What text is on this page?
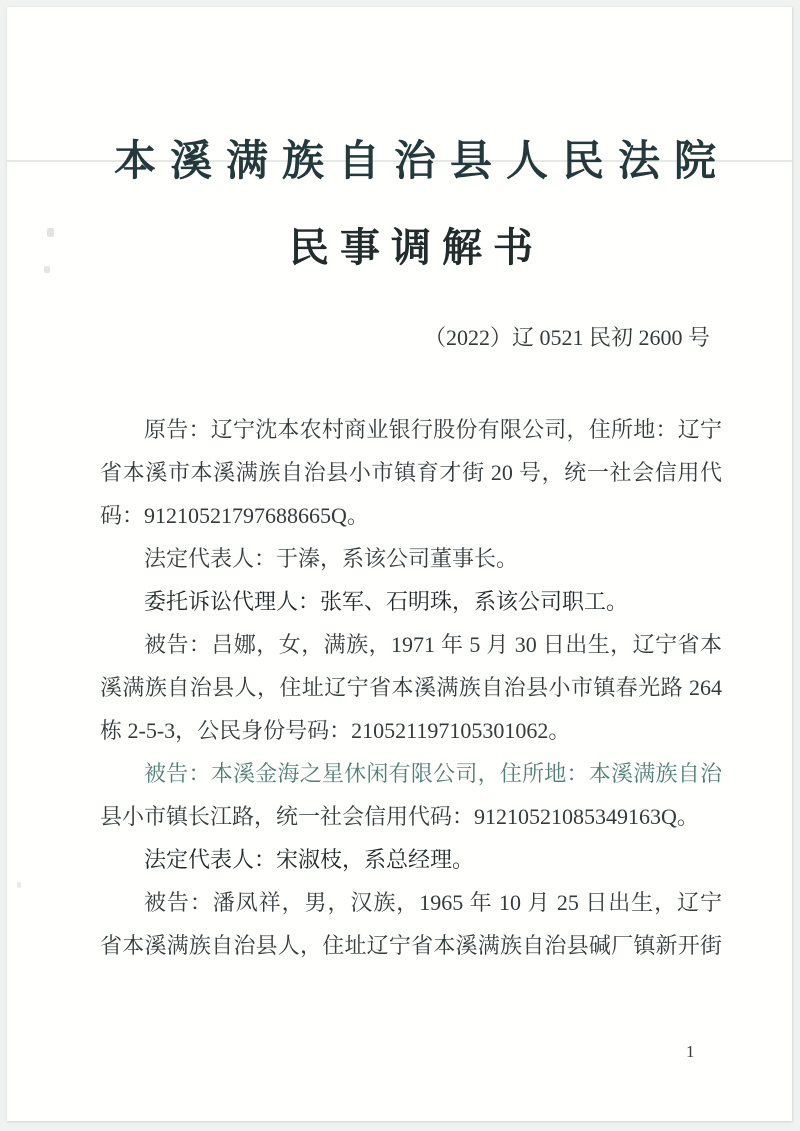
本溪满族自治县人民法院
民事调解书
（2022）辽 0521 民初 2600 号

原告：辽宁沈本农村商业银行股份有限公司，住所地：辽宁

省本溪市本溪满族自治县小市镇育才街 20 号，统一社会信用代

码：91210521797688665Q。

法定代表人：于溱，系该公司董事长。

委托诉讼代理人：张军、石明珠，系该公司职工。

被告：吕娜，女，满族，1971 年 5 月 30 日出生，辽宁省本

溪满族自治县人，住址辽宁省本溪满族自治县小市镇春光路 264

栋 2-5-3，公民身份号码：210521197105301062。

被告：本溪金海之星休闲有限公司，住所地：本溪满族自治

县小市镇长江路，统一社会信用代码：91210521085349163Q。

法定代表人：宋淑枝，系总经理。

被告：潘凤祥，男，汉族，1965 年 10 月 25 日出生，辽宁

省本溪满族自治县人，住址辽宁省本溪满族自治县碱厂镇新开街

1
